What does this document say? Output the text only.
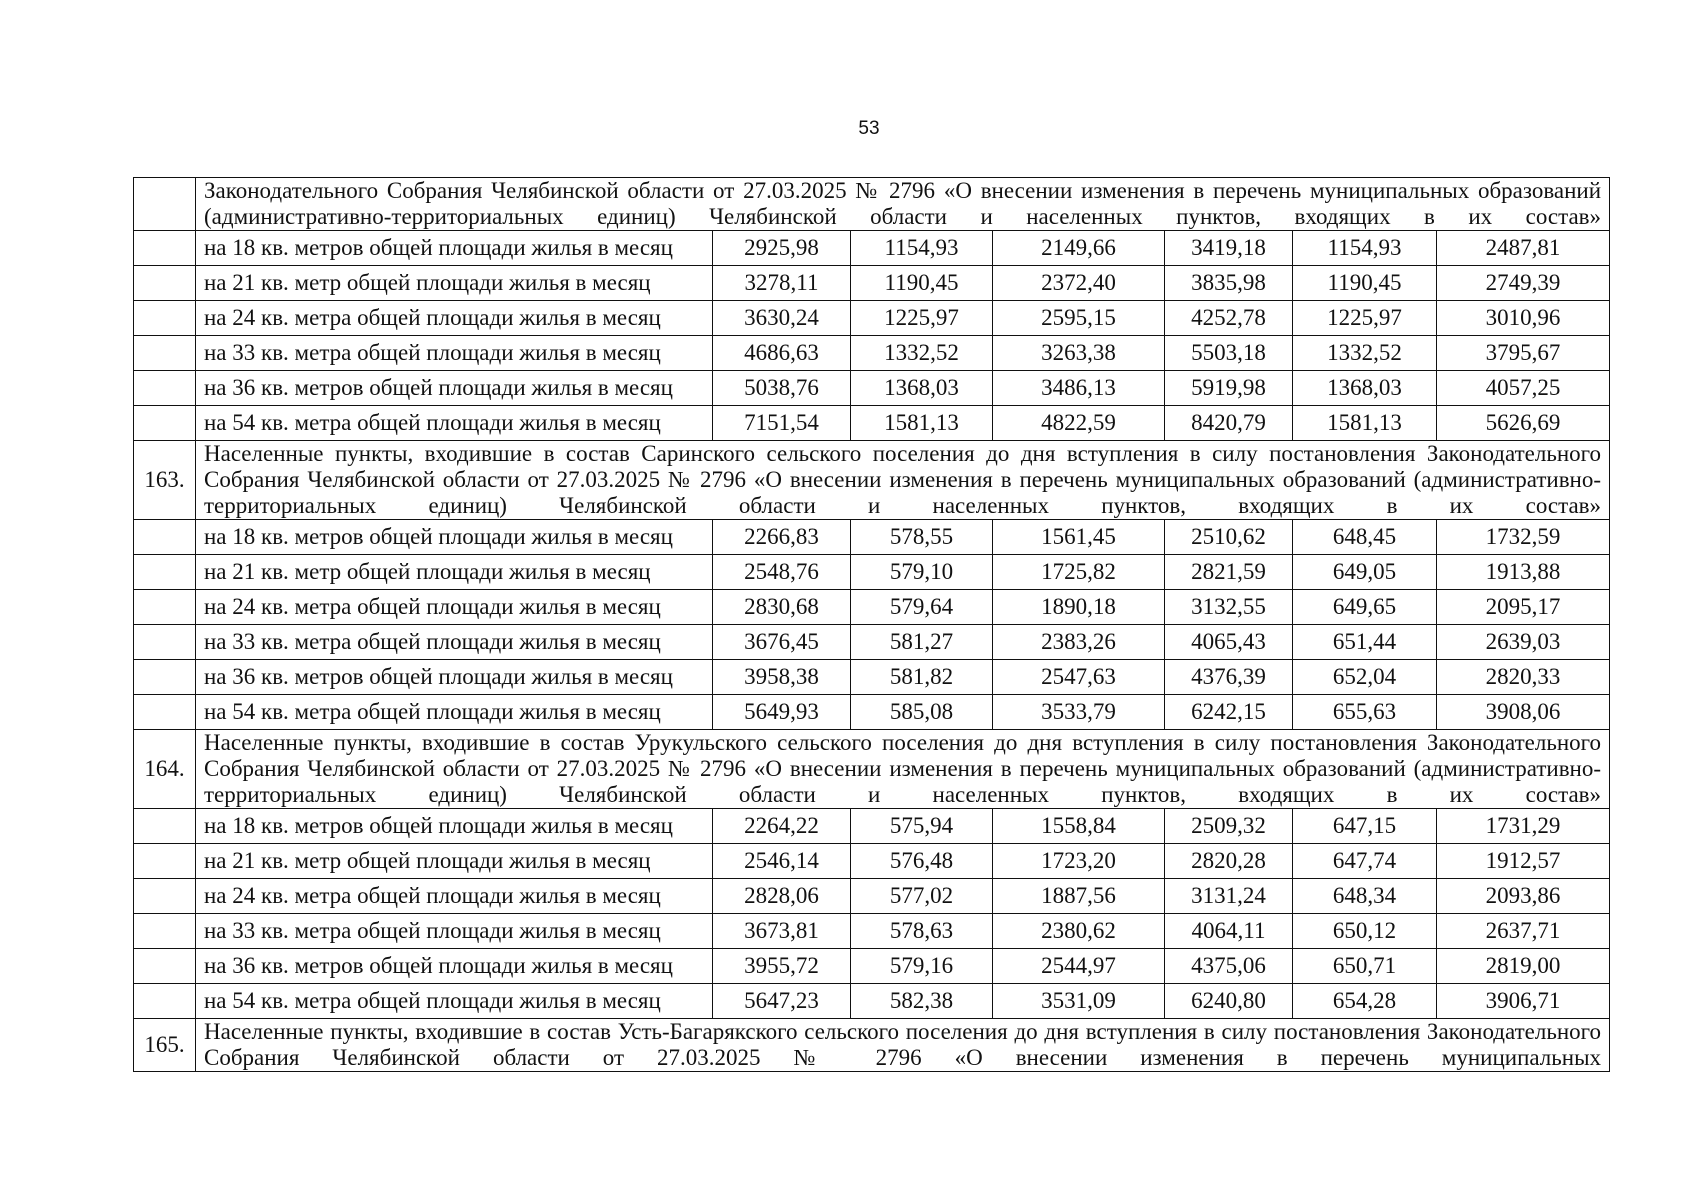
53
	Законодательного Собрания Челябинской области от 27.03.2025 № 2796 «О внесении изменения в перечень муниципальных образований (административно-территориальных единиц) Челябинской области и населенных пунктов, входящих в их состав»						
	на 18 кв. метров общей площади жилья в месяц	2925,98	1154,93	2149,66	3419,18	1154,93	2487,81
	на 21 кв. метр общей площади жилья в месяц	3278,11	1190,45	2372,40	3835,98	1190,45	2749,39
	на 24 кв. метра общей площади жилья в месяц	3630,24	1225,97	2595,15	4252,78	1225,97	3010,96
	на 33 кв. метра общей площади жилья в месяц	4686,63	1332,52	3263,38	5503,18	1332,52	3795,67
	на 36 кв. метров общей площади жилья в месяц	5038,76	1368,03	3486,13	5919,98	1368,03	4057,25
	на 54 кв. метра общей площади жилья в месяц	7151,54	1581,13	4822,59	8420,79	1581,13	5626,69
163.	Населенные пункты, входившие в состав Саринского сельского поселения до дня вступления в силу постановления Законодательного Собрания Челябинской области от 27.03.2025 № 2796 «О внесении изменения в перечень муниципальных образований (административно-территориальных единиц) Челябинской области и населенных пунктов, входящих в их состав»						
	на 18 кв. метров общей площади жилья в месяц	2266,83	578,55	1561,45	2510,62	648,45	1732,59
	на 21 кв. метр общей площади жилья в месяц	2548,76	579,10	1725,82	2821,59	649,05	1913,88
	на 24 кв. метра общей площади жилья в месяц	2830,68	579,64	1890,18	3132,55	649,65	2095,17
	на 33 кв. метра общей площади жилья в месяц	3676,45	581,27	2383,26	4065,43	651,44	2639,03
	на 36 кв. метров общей площади жилья в месяц	3958,38	581,82	2547,63	4376,39	652,04	2820,33
	на 54 кв. метра общей площади жилья в месяц	5649,93	585,08	3533,79	6242,15	655,63	3908,06
164.	Населенные пункты, входившие в состав Урукульского сельского поселения до дня вступления в силу постановления Законодательного Собрания Челябинской области от 27.03.2025 № 2796 «О внесении изменения в перечень муниципальных образований (административно-территориальных единиц) Челябинской области и населенных пунктов, входящих в их состав»						
	на 18 кв. метров общей площади жилья в месяц	2264,22	575,94	1558,84	2509,32	647,15	1731,29
	на 21 кв. метр общей площади жилья в месяц	2546,14	576,48	1723,20	2820,28	647,74	1912,57
	на 24 кв. метра общей площади жилья в месяц	2828,06	577,02	1887,56	3131,24	648,34	2093,86
	на 33 кв. метра общей площади жилья в месяц	3673,81	578,63	2380,62	4064,11	650,12	2637,71
	на 36 кв. метров общей площади жилья в месяц	3955,72	579,16	2544,97	4375,06	650,71	2819,00
	на 54 кв. метра общей площади жилья в месяц	5647,23	582,38	3531,09	6240,80	654,28	3906,71
165.	Населенные пункты, входившие в состав Усть-Багарякского сельского поселения до дня вступления в силу постановления Законодательного Собрания Челябинской области от 27.03.2025 № 2796 «О внесении изменения в перечень муниципальных						
